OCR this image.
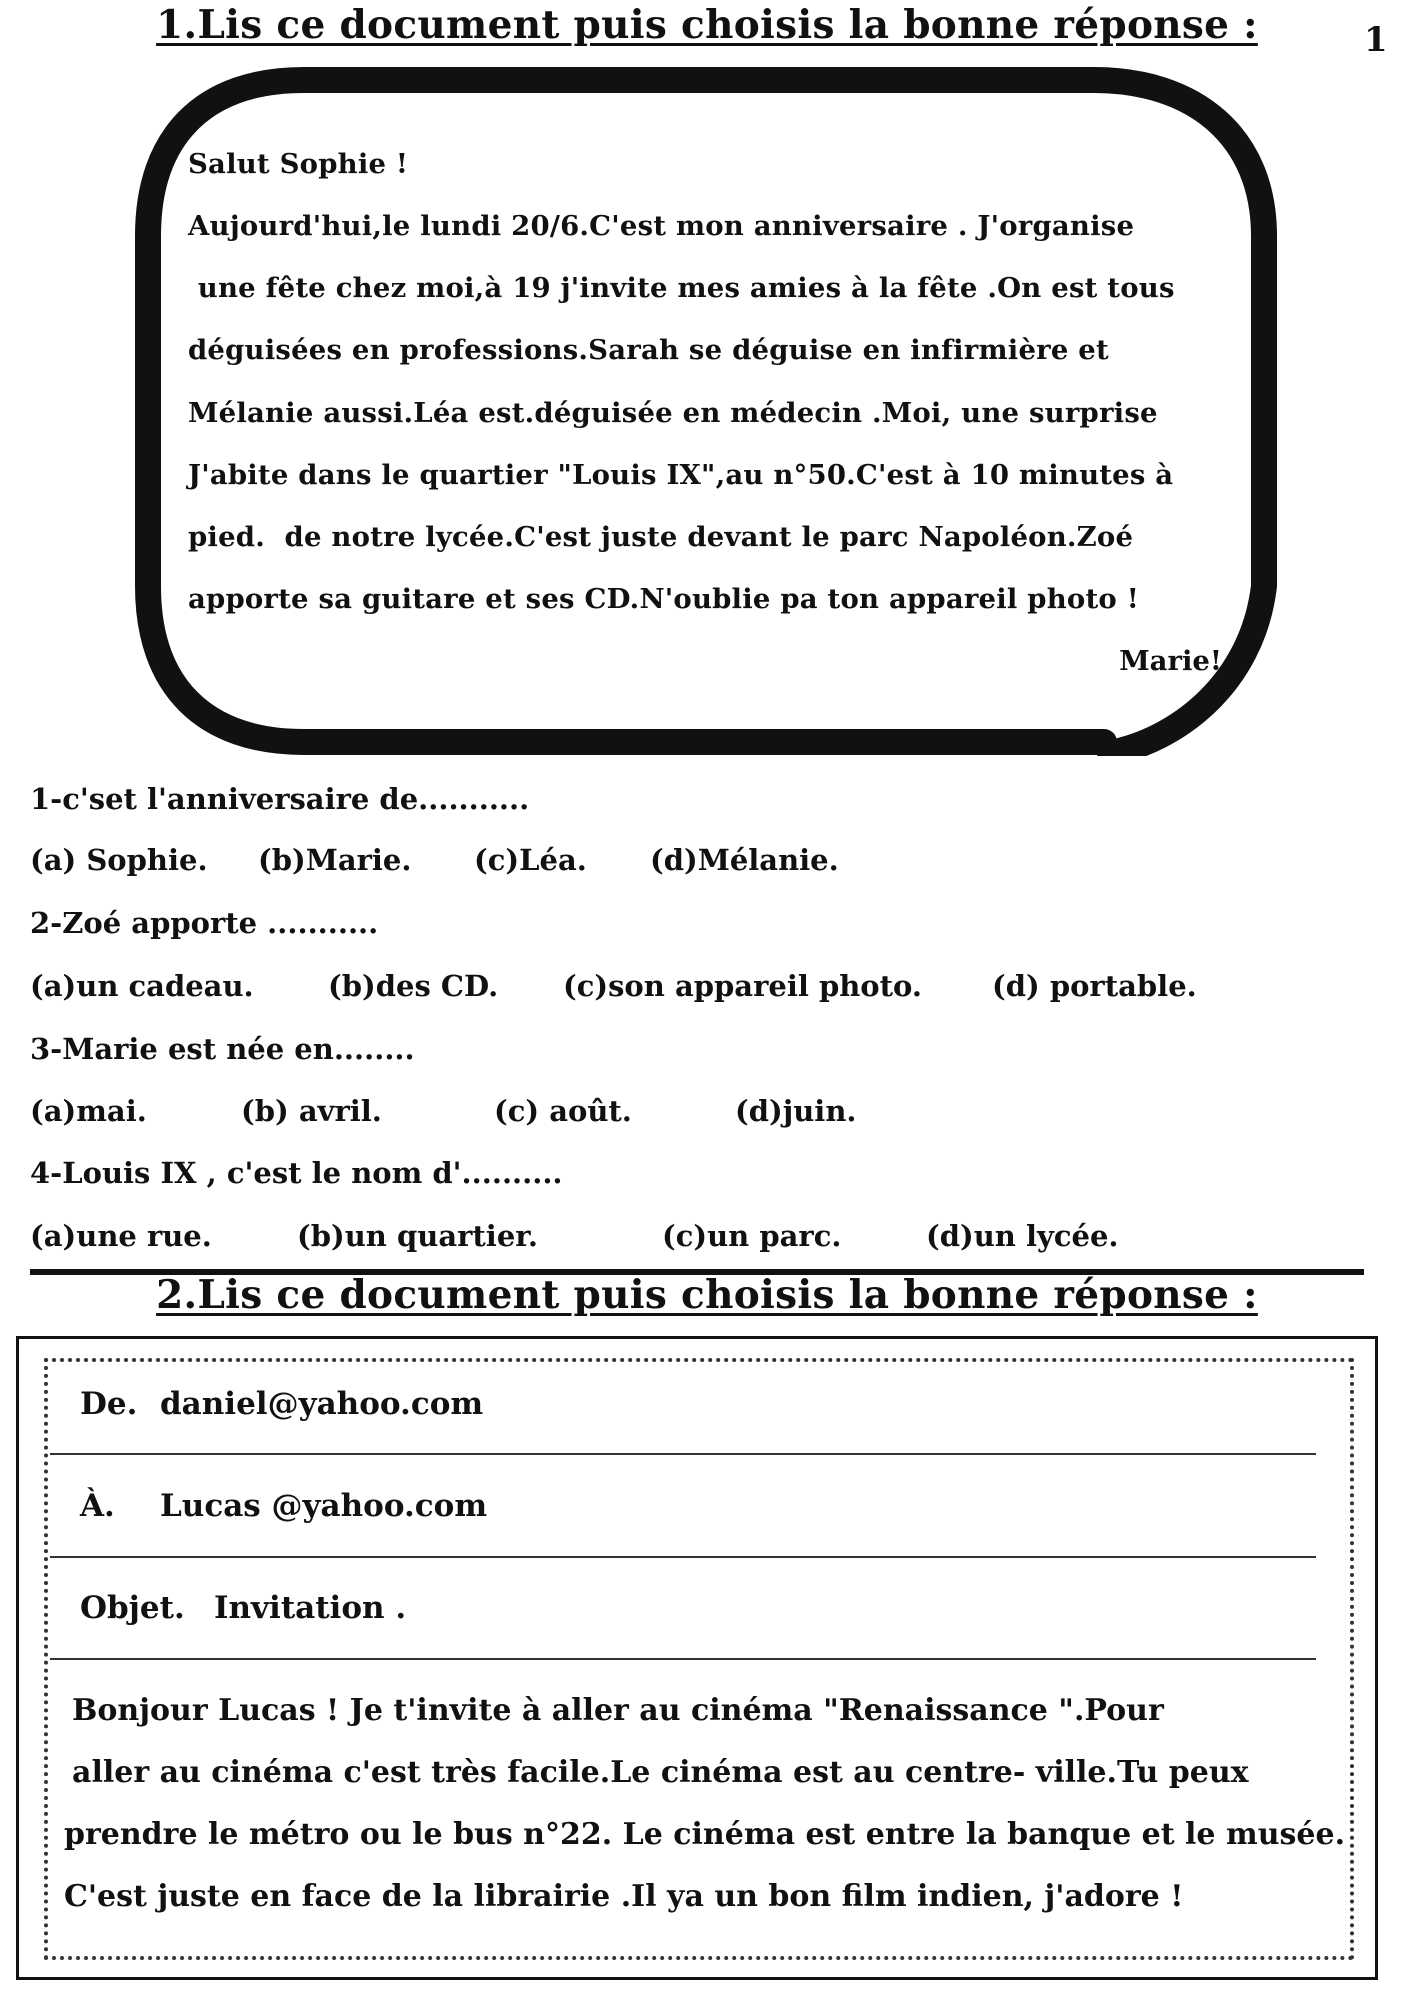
1.Lis ce document puis choisis la bonne réponse :	1
Salut Sophie !
Aujourd'hui,le lundi 20/6.C'est mon anniversaire . J'organise
une fête chez moi,à 19 j'invite mes amies à la fête .On est tous
déguisées en professions.Sarah se déguise en infirmière et
Mélanie aussi.Léa est.déguisée en médecin .Moi, une surprise
J'abite dans le quartier "Louis IX",au n°50.C'est à 10 minutes à
pied.  de notre lycée.C'est juste devant le parc Napoléon.Zoé
apporte sa guitare et ses CD.N'oublie pa ton appareil photo !
Marie!
1-c'set l'anniversaire de...........
(a) Sophie. (b)Marie. (c)Léa. (d)Mélanie.
2-Zoé apporte ...........
(a)un cadeau.	(b)des CD. (c)son appareil photo. (d) portable.
3-Marie est née en........
(a)mai.	(b) avril.	(c) août.	(d)juin.
4-Louis IX , c'est le nom d'..........
(a)une rue.	(b)un quartier.	(c)un parc.	(d)un lycée.
2.Lis ce document puis choisis la bonne réponse :
De. daniel@yahoo.com
À. Lucas @yahoo.com
Objet. Invitation .
Bonjour Lucas ! Je t'invite à aller au cinéma "Renaissance ".Pour
aller au cinéma c'est très facile.Le cinéma est au centre- ville.Tu peux
prendre le métro ou le bus n°22. Le cinéma est entre la banque et le musée.
C'est juste en face de la librairie .Il ya un bon film indien, j'adore !
